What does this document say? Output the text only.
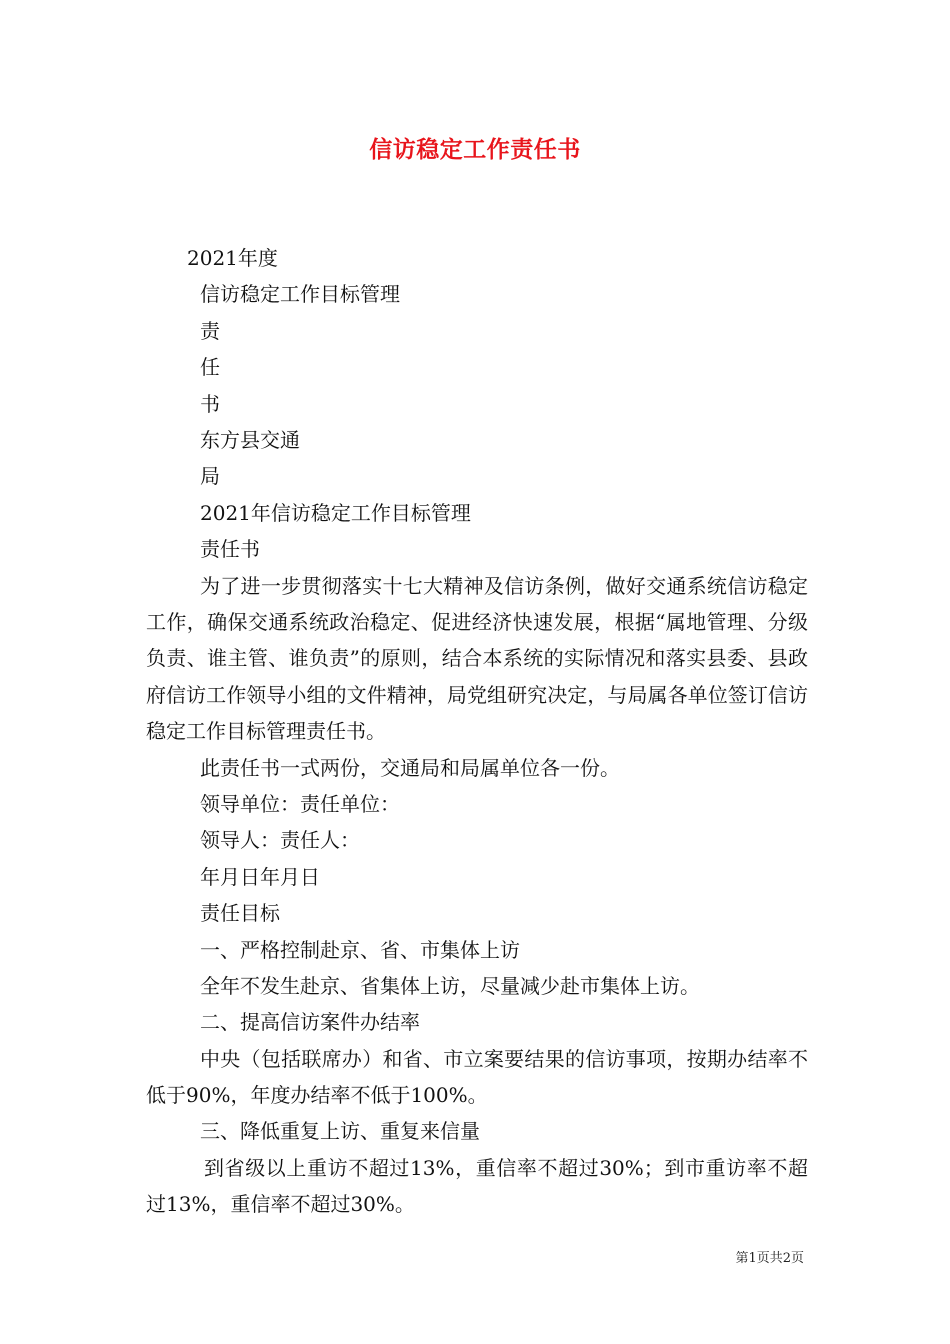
信访稳定工作责任书
2021年度
信访稳定工作目标管理
责
任
书
东方县交通
局
2021年信访稳定工作目标管理
责任书
为了进一步贯彻落实十七大精神及信访条例，做好交通系统信访稳定工作，确保交通系统政治稳定、促进经济快速发展，根据“属地管理、分级负责、谁主管、谁负责”的原则，结合本系统的实际情况和落实县委、县政府信访工作领导小组的文件精神，局党组研究决定，与局属各单位签订信访稳定工作目标管理责任书。
此责任书一式两份，交通局和局属单位各一份。
领导单位：责任单位：
领导人：责任人：
年月日年月日
责任目标
一、严格控制赴京、省、市集体上访
全年不发生赴京、省集体上访，尽量减少赴市集体上访。
二、提高信访案件办结率
中央（包括联席办）和省、市立案要结果的信访事项，按期办结率不低于90%，年度办结率不低于100%。
三、降低重复上访、重复来信量
到省级以上重访不超过13%，重信率不超过30%；到市重访率不超过13%，重信率不超过30%。
第1页共2页
